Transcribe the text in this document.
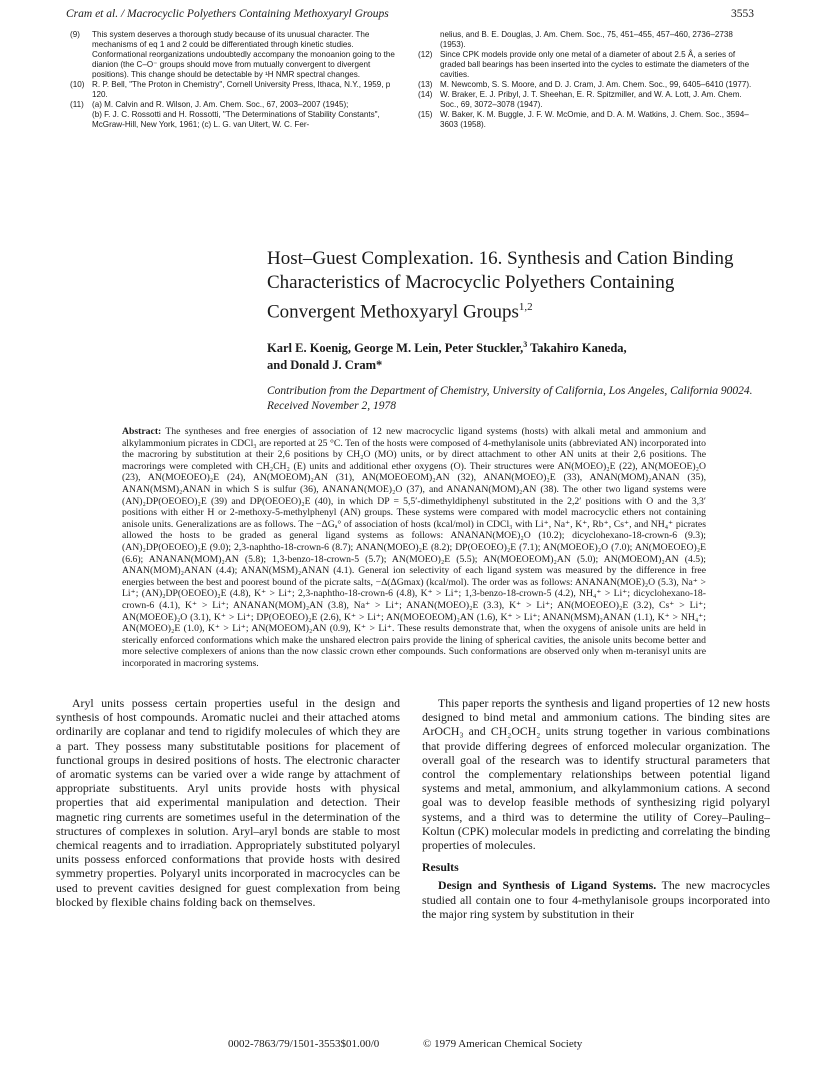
Cram et al. / Macrocyclic Polyethers Containing Methoxyaryl Groups	3553
(9) This system deserves a thorough study because of its unusual character. The mechanisms of eq 1 and 2 could be differentiated through kinetic studies. Conformational reorganizations undoubtedly accompany the monoanion going to the dianion (the C–O⁻ groups should move from mutually convergent to divergent positions). This change should be detectable by ¹H NMR spectral changes.
(10) R. P. Bell, "The Proton in Chemistry", Cornell University Press, Ithaca, N.Y., 1959, p 120.
(11) (a) M. Calvin and R. Wilson, J. Am. Chem. Soc., 67, 2003–2007 (1945);
(b) F. J. C. Rossotti and H. Rossotti, "The Determinations of Stability Constants", McGraw-Hill, New York, 1961; (c) L. G. van Uitert, W. C. Fer-
nelius, and B. E. Douglas, J. Am. Chem. Soc., 75, 451–455, 457–460, 2736–2738 (1953).
(12) Since CPK models provide only one metal of a diameter of about 2.5 Å, a series of graded ball bearings has been inserted into the cycles to estimate the diameters of the cavities.
(13) M. Newcomb, S. S. Moore, and D. J. Cram, J. Am. Chem. Soc., 99, 6405–6410 (1977).
(14) W. Braker, E. J. Pribyl, J. T. Sheehan, E. R. Spitzmiller, and W. A. Lott, J. Am. Chem. Soc., 69, 3072–3078 (1947).
(15) W. Baker, K. M. Buggle, J. F. W. McOmie, and D. A. M. Watkins, J. Chem. Soc., 3594–3603 (1958).
Host–Guest Complexation. 16. Synthesis and Cation Binding Characteristics of Macrocyclic Polyethers Containing Convergent Methoxyaryl Groups$^{1,2}$

Karl E. Koenig, George M. Lein, Peter Stuckler,$^3$ Takahiro Kaneda,
and Donald J. Cram*

Contribution from the Department of Chemistry, University of California, Los Angeles, California 90024. Received November 2, 1978

Abstract: The syntheses and free energies of association of 12 new macrocyclic ligand systems (hosts) with alkali metal and ammonium and alkylammonium picrates in CDCl₃ are reported at 25 °C. Ten of the hosts were composed of 4-methylanisole units (abbreviated AN) incorporated into the macroring by substitution at their 2,6 positions by CH₂O (MO) units, or by direct attachment to other AN units at their 2,6 positions. The macrorings were completed with CH₂CH₂ (E) units and additional ether oxygens (O). Their structures were AN(MOEO)₂E (22), AN(MOEOE)₂O (23), AN(MOEOEO)₂E (24), AN(MOEOM)₂AN (31), AN(MOEOEOM)₂AN (32), ANAN(MOEO)₂E (33), ANAN(MOM)₂ANAN (35), ANAN(MSM)₂ANAN in which S is sulfur (36), ANANAN(MOE)₂O (37), and ANANAN(MOM)₂AN (38). The other two ligand systems were (AN)₂DP(OEOEO)₂E (39) and DP(OEOEO)₂E (40), in which DP = 5,5′-dimethyldiphenyl substituted in the 2,2′ positions with O and the 3,3′ positions with either H or 2-methoxy-5-methylphenyl (AN) groups. These systems were compared with model macrocyclic ethers not containing anisole units. Generalizations are as follows. The −ΔGₐ° of association of hosts (kcal/mol) in CDCl₃ with Li⁺, Na⁺, K⁺, Rb⁺, Cs⁺, and NH₄⁺ picrates allowed the hosts to be graded as general ligand systems as follows: ANANAN(MOE)₂O (10.2); dicyclohexano-18-crown-6 (9.3); (AN)₂DP(OEOEO)₂E (9.0); 2,3-naphtho-18-crown-6 (8.7); ANAN(MOEO)₂E (8.2); DP(OEOEO)₂E (7.1); AN(MOEOE)₂O (7.0); AN(MOEOEO)₂E (6.6); ANANAN(MOM)₂AN (5.8); 1,3-benzo-18-crown-5 (5.7); AN(MOEO)₂E (5.5); AN(MOEOEOM)₂AN (5.0); AN(MOEOM)₂AN (4.5); ANAN(MOM)₂ANAN (4.4); ANAN(MSM)₂ANAN (4.1). General ion selectivity of each ligand system was measured by the difference in free energies between the best and poorest bound of the picrate salts, −Δ(ΔGmax) (kcal/mol). The order was as follows: ANANAN(MOE)₂O (5.3), Na⁺ > Li⁺; (AN)₂DP(OEOEO)₂E (4.8), K⁺ > Li⁺; 2,3-naphtho-18-crown-6 (4.8), K⁺ > Li⁺; 1,3-benzo-18-crown-5 (4.2), NH₄⁺ > Li⁺; dicyclohexano-18-crown-6 (4.1), K⁺ > Li⁺; ANANAN(MOM)₂AN (3.8), Na⁺ > Li⁺; ANAN(MOEO)₂E (3.3), K⁺ > Li⁺; AN(MOEOEO)₂E (3.2), Cs⁺ > Li⁺; AN(MOEOE)₂O (3.1), K⁺ > Li⁺; DP(OEOEO)₂E (2.6), K⁺ > Li⁺; AN(MOEOEOM)₂AN (1.6), K⁺ > Li⁺; ANAN(MSM)₂ANAN (1.1), K⁺ > NH₄⁺; AN(MOEO)₂E (1.0), K⁺ > Li⁺; AN(MOEOM)₂AN (0.9), K⁺ > Li⁺. These results demonstrate that, when the oxygens of anisole units are held in sterically enforced conformations which make the unshared electron pairs provide the lining of spherical cavities, the anisole units become better and more selective complexers of anions than the now classic crown ether compounds. Such conformations are observed only when m-teranisyl units are incorporated in macroring systems.

Aryl units possess certain properties useful in the design and synthesis of host compounds. Aromatic nuclei and their attached atoms ordinarily are coplanar and tend to rigidify molecules of which they are a part. They possess many substitutable positions for placement of functional groups in desired positions of hosts. The electronic character of aromatic systems can be varied over a wide range by attachment of appropriate substituents. Aryl units provide hosts with physical properties that aid experimental manipulation and detection. Their magnetic ring currents are sometimes useful in the determination of the structures of complexes in solution. Aryl–aryl bonds are stable to most chemical reagents and to irradiation. Appropriately substituted polyaryl units possess enforced conformations that provide hosts with desired symmetry properties. Polyaryl units incorporated in macrocycles can be used to prevent cavities designed for guest complexation from being blocked by flexible chains folding back on themselves.

This paper reports the synthesis and ligand properties of 12 new hosts designed to bind metal and ammonium cations. The binding sites are ArOCH₃ and CH₂OCH₂ units strung together in various combinations that provide differing degrees of enforced molecular organization. The overall goal of the research was to identify structural parameters that control the complementary relationships between potential ligand systems and metal, ammonium, and alkylammonium cations. A second goal was to develop feasible methods of synthesizing rigid polyaryl systems, and a third was to determine the utility of Corey–Pauling–Koltun (CPK) molecular models in predicting and correlating the binding properties of molecules.

Results

Design and Synthesis of Ligand Systems. The new macrocycles studied all contain one to four 4-methylanisole groups incorporated into the major ring system by substitution in their

0002-7863/79/1501-3553$01.00/0	© 1979 American Chemical Society
